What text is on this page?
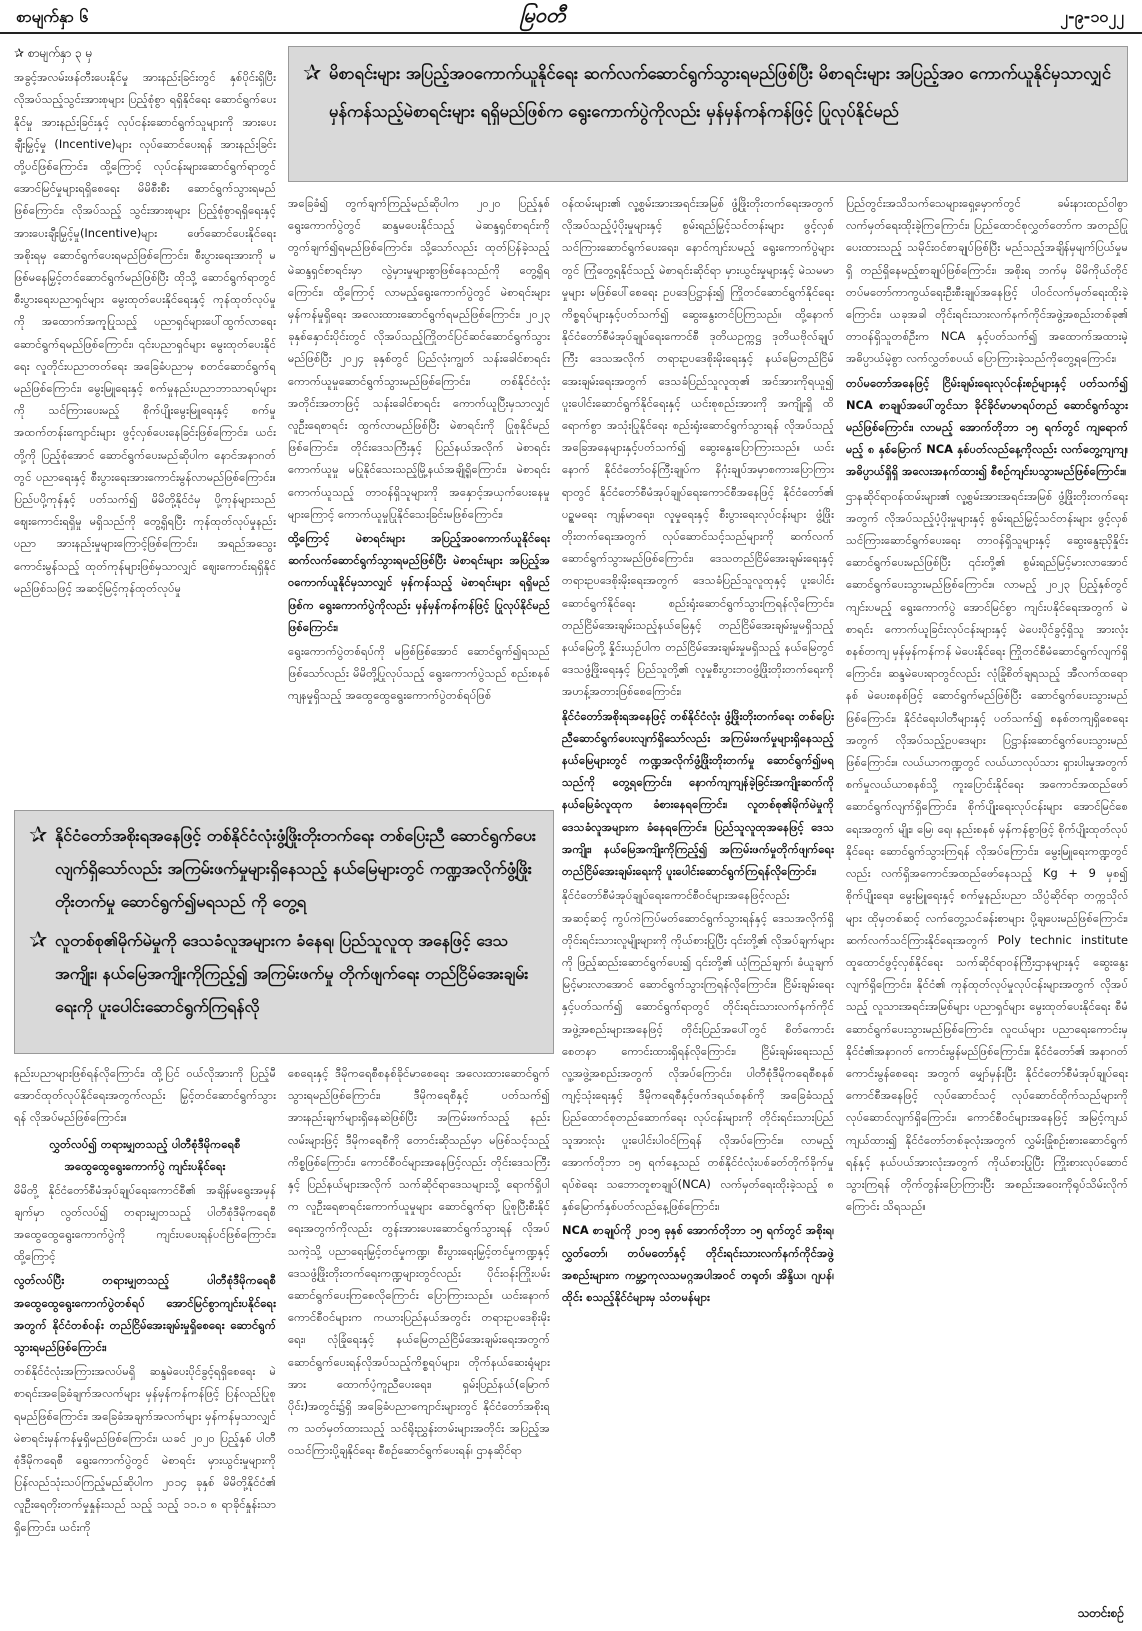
စာမျက်နှာ ၆	မြဝတီ	၂-၉-၁၀၂၂

✰ စာမျက်နှာ ၃ မှ

အခွင့်အလမ်းဖန်တီးပေးနိုင်မှု အားနည်းခြင်းတွင် နှစ်ပိုင်းရှိပြီး လိုအပ်သည့်သွင်းအားစုများ ပြည့်စုံစွာ ရရှိနိုင်ရေး ဆောင်ရွက်ပေးနိုင်မှု အားနည်းခြင်းနှင့် လုပ်ငန်းဆောင်ရွက်သူများကို အားပေးချီးမြှင့်မှု (Incentive)များ လုပ်ဆောင်ပေးရန် အားနည်းခြင်း တို့ပင်ဖြစ်ကြောင်း၊ ထို့ကြောင့် လုပ်ငန်းများဆောင်ရွက်ရာတွင် အောင်မြင်မှုများရရှိစေရေး မိမိစီးစီး ဆောင်ရွက်သွားရမည်ဖြစ်ကြောင်း၊ လိုအပ်သည့် သွင်းအားစုများ ပြည့်စုံစွာရရှိရေးနှင့် အားပေးချီးမြှင့်မှု(Incentive)များ ဖော်ဆောင်ပေးနိုင်ရေး အစိုးရမှ ဆောင်ရွက်ပေးရမည်ဖြစ်ကြောင်း၊ စီးပွားရေးအားကို မဖြစ်မနေမြှင့်တင်ဆောင်ရွက်မည်ဖြစ်ပြီး ထိုသို့ ဆောင်ရွက်ရာတွင် စီးပွားရေးပညာရှင်များ မွေးထုတ်ပေးနိုင်ရေးနှင့် ကုန်ထုတ်လုပ်မှုကို အထောက်အကူပြုသည့် ပညာရှင်များပေါ်ထွက်လာရေး ဆောင်ရွက်ရမည်ဖြစ်ကြောင်း၊ ၎င်းပညာရှင်များ မွေးထုတ်ပေးနိုင်ရေး လူတိုင်းပညာတတ်ရေး အခြေခံပညာမှ စတင်ဆောင်ရွက်ရမည်ဖြစ်ကြောင်း၊ မွေးမြူရေးနှင့် စက်မှုနည်းပညာဘာသာရပ်များကို သင်ကြားပေးမည့် စိုက်ပျိုးမွေးမြူရေးနှင့် စက်မှုအထက်တန်းကျောင်းများ ဖွင့်လှစ်ပေးနေခြင်းဖြစ်ကြောင်း၊ ယင်းတို့ကို ပြည့်စုံအောင် ဆောင်ရွက်ပေးမည်ဆိုပါက နောင်အနာဂတ်တွင် ပညာရေးနှင့် စီးပွားရေးအားကောင်းမွန်လာမည်ဖြစ်ကြောင်း။ ပြည်ပပို့ကုန်နှင့် ပတ်သက်၍ မိမိတို့နိုင်ငံမှ ပို့ကုန်များသည် ဈေးကောင်းရရှိမှု မရှိသည်ကို တွေ့ရှိရပြီး ကုန်ထုတ်လုပ်မှုနည်းပညာ အားနည်းမှုများကြောင့်ဖြစ်ကြောင်း၊ အရည်အသွေးကောင်းမွန်သည့် ထုတ်ကုန်များဖြစ်မှသာလျှင် ဈေးကောင်းရရှိနိုင်မည်ဖြစ်သဖြင့် အဆင့်မြင့်ကုန်ထုတ်လုပ်မှု

✰ မိစာရင်းများ အပြည့်အဝကောက်ယူနိုင်ရေး ဆက်လက်ဆောင်ရွက်သွားရမည်ဖြစ်ပြီး မိစာရင်းများ အပြည့်အဝ ကောက်ယူနိုင်မှသာလျှင် မှန်ကန်သည့်မဲစာရင်းများ ရရှိမည်ဖြစ်က ရွေးကောက်ပွဲကိုလည်း မှန်မှန်ကန်ကန်ဖြင့် ပြုလုပ်နိုင်မည်

အခြေခံ၍ တွက်ချက်ကြည့်မည်ဆိုပါက ၂၀၂၀ ပြည့်နှစ် ရွေးကောက်ပွဲတွင် ဆန္ဒမပေးနိုင်သည့် မဲဆန္ဒရှင်စာရင်းကို တွက်ချက်၍ရမည်ဖြစ်ကြောင်း၊ သို့သော်လည်း ထုတ်ပြန်ခဲ့သည့် မဲဆန္ဒရှင်စာရင်းမှာ လွဲမှားမှုများစွာဖြစ်နေသည်ကို တွေ့ရှိရကြောင်း၊ ထို့ကြောင့် လာမည့်ရွေးကောက်ပွဲတွင် မဲစာရင်းများ မှန်ကန်မှုရှိရေး အလေးထားဆောင်ရွက်ရမည်ဖြစ်ကြောင်း၊ ၂၀၂၃ ခုနှစ်နှောင်းပိုင်းတွင် လိုအပ်သည့်ကြိုတင်ပြင်ဆင်ဆောင်ရွက်သွားမည်ဖြစ်ပြီး ၂၀၂၄ ခုနှစ်တွင် ပြည်လုံးကျွတ် သန်းခေါင်စာရင်းကောက်ယူမှုဆောင်ရွက်သွားမည်ဖြစ်ကြောင်း၊ တစ်နိုင်ငံလုံးအတိုင်းအတာဖြင့် သန်းခေါင်စာရင်း ကောက်ယူပြီးမှသာလျှင် လူဦးရေစာရင်း ထွက်လာမည်ဖြစ်ပြီး မဲစာရင်းကို ပြုစုနိုင်မည်ဖြစ်ကြောင်း၊ တိုင်းဒေသကြီးနှင့် ပြည်နယ်အလိုက် မဲစာရင်းကောက်ယူမှု မပြုနိုင်သေးသည့်မြို့နယ်အချို့ရှိကြောင်း၊ မဲစာရင်းကောက်ယူသည့် တာဝန်ရှိသူများကို အနှောင့်အယှက်ပေးနေမှုများကြောင့် ကောက်ယူမှုပြုနိုင်သေးခြင်းမဖြစ်ကြောင်း၊

ထို့ကြောင့် မဲစာရင်းများ အပြည့်အဝကောက်ယူနိုင်ရေး ဆက်လက်ဆောင်ရွက်သွားရမည်ဖြစ်ပြီး မဲစာရင်းများ အပြည့်အဝကောက်ယူနိုင်မှသာလျှင် မှန်ကန်သည့် မဲစာရင်းများ ရရှိမည်ဖြစ်က ရွေးကောက်ပွဲကိုလည်း မှန်မှန်ကန်ကန်ဖြင့် ပြုလုပ်နိုင်မည်ဖြစ်ကြောင်း၊

ရွေးကောက်ပွဲတစ်ရပ်ကို မဖြစ်ဖြစ်အောင် ဆောင်ရွက်၍ရသည်ဖြစ်သော်လည်း မိမိတို့ပြုလုပ်သည့် ရွေးကောက်ပွဲသည် စည်းစနစ်ကျနမှုရှိသည့် အထွေထွေရွေးကောက်ပွဲတစ်ရပ်ဖြစ်

✰ နိုင်ငံတော်အစိုးရအနေဖြင့် တစ်နိုင်ငံလုံးဖွံ့ဖြိုးတိုးတက်ရေး တစ်ပြေးညီ ဆောင်ရွက်ပေးလျက်ရှိသော်လည်း အကြမ်းဖက်မှုများရှိနေသည့် နယ်မြေများတွင် ကဏ္ဍအလိုက်ဖွံ့ဖြိုးတိုးတက်မှု ဆောင်ရွက်၍မရသည် ကို တွေ့ရ
✰ လူတစ်စု၏မိုက်မဲမှုကို ဒေသခံလူအများက ခံနေရ၊ ပြည်သူလူထု အနေဖြင့် ဒေသအကျိုး၊ နယ်မြေအကျိုးကိုကြည့်၍ အကြမ်းဖက်မှု တိုက်ဖျက်ရေး တည်ငြိမ်အေးချမ်းရေးကို ပူးပေါင်းဆောင်ရွက်ကြရန်လို

နည်းပညာများဖြစ်ရန်လိုကြောင်း၊ ထို့ပြင် ဝယ်လိုအားကို ပြည့်မီအောင်ထုတ်လုပ်နိုင်ရေးအတွက်လည်း မြှင့်တင်ဆောင်ရွက်သွားရန် လိုအပ်မည်ဖြစ်ကြောင်း။

လွှတ်လပ်၍ တရားမျှတသည့် ပါတီစုံဒီမိုကရေစီ အထွေထွေရွေးကောက်ပွဲ ကျင်းပနိုင်ရေး

မိမိတို့ နိုင်ငံတော်စီမံအုပ်ချုပ်ရေးကောင်စီ၏ အချိန်မရွေးအမှန်ချက်မှာ လွတ်လပ်၍ တရားမျှတသည့် ပါတီစုံဒီမိုကရေစီ အထွေထွေရွေးကောက်ပွဲကို ကျင်းပပေးရန်ပင်ဖြစ်ကြောင်း၊ ထို့ကြောင့်

လွတ်လပ်ပြီး တရားမျှတသည့် ပါတီစုံဒီမိုကရေစီ အထွေထွေရွေးကောက်ပွဲတစ်ရပ် အောင်မြင်စွာကျင်းပနိုင်ရေးအတွက် နိုင်ငံတစ်ဝန်း တည်ငြိမ်အေးချမ်းမှုရှိစေရေး ဆောင်ရွက်သွားရမည်ဖြစ်ကြောင်း၊

တစ်နိုင်ငံလုံးအကြားအလပ်မရှိ ဆန္ဒမဲပေးပိုင်ခွင့်ရရှိစေရေး မဲစာရင်းအခြေခံချက်အလက်များ မှန်မှန်ကန်ကန်ဖြင့် ပြန်လည်ပြုစုရမည်ဖြစ်ကြောင်း၊ အခြေခံအချက်အလက်များ မှန်ကန်မှသာလျှင် မဲစာရင်းမှန်ကန်မှုရှိမည်ဖြစ်ကြောင်း၊ ယခင် ၂၀၂၀ ပြည့်နှစ် ပါတီစုံဒီမိုကရေစီ ရွေးကောက်ပွဲတွင် မဲစာရင်း မှားယွင်းမှုများကိုပြန်လည်သုံးသပ်ကြည့်မည်ဆိုပါက ၂၀၁၄ ခုနှစ် မိမိတို့နိုင်ငံ၏ လူဦးရေတိုးတက်မှုနှုန်းသည် သည့် သည့် ၁၁.၁ ၈ ရာခိုင်နှုန်းသာရှိကြောင်း၊ ယင်းကို

စေရေးနှင့် ဒီမိုကရေစီစနစ်ခိုင်မာစေရေး အလေးထားဆောင်ရွက်သွားရမည်ဖြစ်ကြောင်း၊ ဒီမိုကရေစီနှင့် ပတ်သက်၍ အားနည်းချက်များရှိနေဆဲဖြစ်ပြီး အကြမ်းဖက်သည့် နည်းလမ်းများဖြင့် ဒီမိုကရေစီကို တောင်းဆိုသည်မှာ မဖြစ်သင့်သည့်ကိစ္စဖြစ်ကြောင်း၊ ကောင်စီဝင်များအနေဖြင့်လည်း တိုင်းဒေသကြီးနှင့် ပြည်နယ်များအလိုက် သက်ဆိုင်ရာဒေသများသို့ ရောက်ရှိပါက လူဦးရေစာရင်းကောက်ယူမှုများ ဆောင်ရွက်ရာ ပြုစုပြီးစီးနိုင်ရေးအတွက်ကိုလည်း တွန်းအားပေးဆောင်ရွက်သွားရန် လိုအပ်သကဲ့သို့ ပညာရေးမြှင့်တင်မှုကဏ္ဍ၊ စီးပွားရေးမြှင့်တင်မှုကဏ္ဍနှင့် ဒေသဖွံ့ဖြိုးတိုးတက်ရေးကဏ္ဍများတွင်လည်း ပိုင်းဝန်းကြိုးပမ်း ဆောင်ရွက်ပေးကြစေလိုကြောင်း ပြောကြားသည်။ ယင်းနောက်ကောင်စီဝင်များက ကယားပြည်နယ်အတွင်း တရားဥပဒေစိုးမိုးရေး၊ လုံခြုံရေးနှင့် နယ်မြေတည်ငြိမ်အေးချမ်းရေးအတွက် ဆောင်ရွက်ပေးရန်လိုအပ်သည့်ကိစ္စရပ်များ၊ တိုက်နယ်ဆေးရုံများ အား ထောက်ပံ့ကူညီပေးရေး၊ ရှမ်းပြည်နယ်(မြောက်ပိုင်း)အတွင်း၌ရှိ အခြေခံပညာကျောင်းများတွင် နိုင်ငံတော်အစိုးရက သတ်မှတ်ထားသည့် သင်ရိုးညွှန်းတမ်းများအတိုင်း အပြည့်အဝသင်ကြားပို့ချနိုင်ရေး စီစဉ်ဆောင်ရွက်ပေးရန်၊ ဌာနဆိုင်ရာ

ဝန်ထမ်းများ၏ လူ့စွမ်းအားအရင်းအမြစ် ဖွံ့ဖြိုးတိုးတက်ရေးအတွက် လိုအပ်သည့်ပံ့ပိုးမှုများနှင့် စွမ်းရည်မြှင့်သင်တန်းများ ဖွင့်လှစ်သင်ကြားဆောင်ရွက်ပေးရေး၊ နောင်ကျင်းပမည့် ရွေးကောက်ပွဲများတွင် ကြုံတွေ့ရနိုင်သည့် မဲစာရင်းဆိုင်ရာ မှားယွင်းမှုများနှင့် မဲသမမာမှုများ မဖြစ်ပေါ်စေရေး ဥပဒေပြဋ္ဌာန်း၍ ကြိုတင်ဆောင်ရွက်နိုင်ရေး ကိစ္စရပ်များနှင့်ပတ်သက်၍ ဆွေးနွေးတင်ပြကြသည်။ ထို့နောက် နိုင်ငံတော်စီမံအုပ်ချုပ်ရေးကောင်စီ ဒုတိယဥက္ကဋ္ဌ ဒုတိယဗိုလ်ချုပ်ကြီး ဒေသအလိုက် တရားဥပဒေစိုးမိုးရေးနှင့် နယ်မြေတည်ငြိမ်အေးချမ်းရေးအတွက် ဒေသခံပြည်သူလူထု၏ အင်အားကိုရယူ၍ ပူးပေါင်းဆောင်ရွက်နိုင်ရေးနှင့် ယင်းစုစည်းအားကို အကျိုးရှိ ထိရောက်စွာ အသုံးပြုနိုင်ရေး စည်းရုံးဆောင်ရွက်သွားရန် လိုအပ်သည့် အခြေအနေများနှင့်ပတ်သက်၍ ဆွေးနွေးပြောကြားသည်။ ယင်းနောက် နိုင်ငံတော်ဝန်ကြီးချုပ်က နိဂုံးချုပ်အမှာစကားပြောကြားရာတွင် နိုင်ငံတော်စီမံအုပ်ချုပ်ရေးကောင်စီအနေဖြင့် နိုင်ငံတော်၏ ပဉ္စမရေး ကျန်မာရေး၊ လူမှုရေးနှင့် စီးပွားရေးလုပ်ငန်းများ ဖွံ့ဖြိုးတိုးတက်ရေးအတွက် လုပ်ဆောင်သင့်သည်များကို ဆက်လက်ဆောင်ရွက်သွားမည်ဖြစ်ကြောင်း၊ ဒေသတည်ငြိမ်အေးချမ်းရေးနှင့် တရားဥပဒေစိုးမိုးရေးအတွက် ဒေသခံပြည်သူလူထုနှင့် ပူးပေါင်းဆောင်ရွက်နိုင်ရေး စည်းရုံးဆောင်ရွက်သွားကြရန်လိုကြောင်း၊ တည်ငြိမ်အေးချမ်းသည့်နယ်မြေနှင့် တည်ငြိမ်အေးချမ်းမှုမရှိသည့်နယ်မြေတို့ နှိုင်းယှဉ်ပါက တည်ငြိမ်အေးချမ်းမှုမရှိသည့် နယ်မြေတွင် ဒေသဖွံ့ဖြိုးရေးနှင့် ပြည်သူတို့၏ လူမှုစီးပွားဘဝဖွံ့ဖြိုးတိုးတက်ရေးကို အဟန့်အတားဖြစ်စေကြောင်း၊

နိုင်ငံတော်အစိုးရအနေဖြင့် တစ်နိုင်ငံလုံး ဖွံ့ဖြိုးတိုးတက်ရေး တစ်ပြေးညီဆောင်ရွက်ပေးလျက်ရှိသော်လည်း အကြမ်းဖက်မှုများရှိနေသည့် နယ်မြေများတွင် ကဏ္ဍအလိုက်ဖွံ့ဖြိုးတိုးတက်မှု ဆောင်ရွက်၍မရသည်ကို တွေ့ရကြောင်း၊ နောက်ကျကျန်ခဲ့ခြင်းအကျိုးဆက်ကို နယ်မြေခံလူထုက ခံစားနေရကြောင်း၊ လူတစ်စု၏မိုက်မဲမှုကို ဒေသခံလူအများက ခံနေရကြောင်း၊ ပြည်သူလူထုအနေဖြင့် ဒေသအကျိုး၊ နယ်မြေအကျိုးကိုကြည့်၍ အကြမ်းဖက်မှုတိုက်ဖျက်ရေး တည်ငြိမ်အေးချမ်းရေးကို ပူးပေါင်းဆောင်ရွက်ကြရန်လိုကြောင်း၊

နိုင်ငံတော်စီမံအုပ်ချုပ်ရေးကောင်စီဝင်များအနေဖြင့်လည်း အဆင့်ဆင့် ကွပ်ကဲကြပ်မတ်ဆောင်ရွက်သွားရန်နှင့် ဒေသအလိုက်ရှိ တိုင်းရင်းသားလူမျိုးများကို ကိုယ်စားပြုပြီး ၎င်းတို့၏ လိုအပ်ချက်များကို ဖြည့်ဆည်းဆောင်ရွက်ပေး၍ ၎င်းတို့၏ ယုံကြည်ချက်၊ ခံယူချက်မြင့်မားလာအောင် ဆောင်ရွက်သွားကြရန်လိုကြောင်း။ ငြိမ်းချမ်းရေးနှင့်ပတ်သက်၍ ဆောင်ရွက်ရာတွင် တိုင်းရင်းသားလက်နက်ကိုင် အဖွဲ့အစည်းများအနေဖြင့် တိုင်းပြည်အပေါ်တွင် စိတ်ကောင်းစေတနာ ကောင်းထားရှိရန်လိုကြောင်း၊ ငြိမ်းချမ်းရေးသည် လူ့အဖွဲ့အစည်းအတွက် လိုအပ်ကြောင်း၊ ပါတီစုံဒီမိုကရေစီစနစ်ကျင့်သုံးရေးနှင့် ဒီမိုကရေစီနှင့်ဖက်ဒရယ်စနစ်ကို အခြေခံသည့် ပြည်ထောင်စုတည်ဆောက်ရေး လုပ်ငန်းများကို တိုင်းရင်းသားပြည်သူအားလုံး ပူးပေါင်းပါဝင်ကြရန် လိုအပ်ကြောင်း။ လာမည့် အောက်တိုဘာ ၁၅ ရက်နေ့သည် တစ်နိုင်ငံလုံးပစ်ခတ်တိုက်ခိုက်မှုရပ်စဲရေး သဘောတူစာချုပ်(NCA) လက်မှတ်ရေးထိုးခဲ့သည့် ၈ နှစ်မြောက်နှစ်ပတ်လည်နေ့ဖြစ်ကြောင်း၊

NCA စာချုပ်ကို ၂၀၁၅ ခုနှစ် အောက်တိုဘာ ၁၅ ရက်တွင် အစိုးရ၊ လွှတ်တော်၊ တပ်မတော်နှင့် တိုင်းရင်းသားလက်နက်ကိုင်အဖွဲ့ အစည်းများက ကမ္ဘာ့ကုလသမဂ္ဂအပါအဝင် တရုတ်၊ အိန္ဒိယ၊ ဂျပန်၊ ထိုင်း စသည့်နိုင်ငံများမှ သံတမန်များ

ပြည်တွင်းအသိသက်သေများရှေ့မှောက်တွင် ခမ်းနားထည်ဝါစွာ လက်မှတ်ရေးထိုးခဲ့ကြကြောင်း၊ ပြည်ထောင်စုလွှတ်တော်က အတည်ပြုပေးထားသည့် သမိုင်းဝင်စာချုပ်ဖြစ်ပြီး မည်သည့်အချိန်မှမျက်ပြယ်မှုမရှိ တည်ရှိနေမည့်စာချုပ်ဖြစ်ကြောင်း၊ အစိုးရ ဘက်မှ မိမိကိုယ်တိုင် တပ်မတော်ကာကွယ်ရေးဦးစီးချုပ်အနေဖြင့် ပါဝင်လက်မှတ်ရေးထိုးခဲ့ကြောင်း၊ ယခုအခါ တိုင်းရင်းသားလက်နက်ကိုင်အဖွဲ့အစည်းတစ်ခု၏ တာဝန်ရှိသူတစ်ဦးက NCA နှင့်ပတ်သက်၍ အထောက်အထားမဲ့အဓိပ္ပာယ်မဲ့စွာ လက်လွှတ်စပယ် ပြောကြားခဲ့သည်ကိုတွေ့ရကြောင်း၊

တပ်မတော်အနေဖြင့် ငြိမ်းချမ်းရေးလုပ်ငန်းစဉ်များနှင့် ပတ်သက်၍ NCA စာချုပ်အပေါ်တွင်သာ ခိုင်ခိုင်မာမာရပ်တည် ဆောင်ရွက်သွားမည်ဖြစ်ကြောင်း၊ လာမည့် အောက်တိုဘာ ၁၅ ရက်တွင် ကျရောက်မည့် ၈ နှစ်မြောက် NCA နှစ်ပတ်လည်နေ့ကိုလည်း လက်တွေ့ကျကျ၊ အဓိပ္ပာယ်ရှိရှိ အလေးအနက်ထား၍ စီစဉ်ကျင်းပသွားမည်ဖြစ်ကြောင်း။

ဌာနဆိုင်ရာဝန်ထမ်းများ၏ လူ့စွမ်းအားအရင်းအမြစ် ဖွံ့ဖြိုးတိုးတက်ရေးအတွက် လိုအပ်သည့်ပံ့ပိုးမှုများနှင့် စွမ်းရည်မြှင့်သင်တန်းများ ဖွင့်လှစ်သင်ကြားဆောင်ရွက်ပေးရေး တာဝန်ရှိသူများနှင့် ဆွေးနွေးညှိနှိုင်း ဆောင်ရွက်ပေးမည်ဖြစ်ပြီး ၎င်းတို့၏ စွမ်းရည်မြင့်မားလာအောင် ဆောင်ရွက်ပေးသွားမည်ဖြစ်ကြောင်း။ လာမည့် ၂၀၂၃ ပြည့်နှစ်တွင် ကျင်းပမည့် ရွေးကောက်ပွဲ အောင်မြင်စွာ ကျင်းပနိုင်ရေးအတွက် မဲစာရင်း ကောက်ယူခြင်းလုပ်ငန်းများနှင့် မဲပေးပိုင်ခွင့်ရှိသူ အားလုံး စနစ်တကျ မှန်မှန်ကန်ကန် မဲပေးနိုင်ရေး ကြိုတင်စီမံဆောင်ရွက်လျက်ရှိကြောင်း၊ ဆန္ဒမဲပေးရာတွင်လည်း လုံခြုံစိတ်ချရသည့် အီလက်ထရောနစ် မဲပေးစနစ်ဖြင့် ဆောင်ရွက်မည်ဖြစ်ပြီး ဆောင်ရွက်ပေးသွားမည်ဖြစ်ကြောင်း၊ နိုင်ငံရေးပါတီများနှင့် ပတ်သက်၍ စနစ်တကျရှိစေရေးအတွက် လိုအပ်သည့်ဥပဒေများ ပြဋ္ဌာန်းဆောင်ရွက်ပေးသွားမည် ဖြစ်ကြောင်း။ လယ်ယာကဏ္ဍတွင် လယ်ယာလုပ်သား ရှားပါးမှုအတွက် စက်မှုလယ်ယာစနစ်သို့ ကူးပြောင်းနိုင်ရေး အကောင်အထည်ဖော် ဆောင်ရွက်လျက်ရှိကြောင်း၊ စိုက်ပျိုးရေးလုပ်ငန်းများ အောင်မြင်စေရေးအတွက် မျိုး၊ မြေ၊ ရေ၊ နည်းစနစ် မှန်ကန်စွာဖြင့် စိုက်ပျိုးထုတ်လုပ်နိုင်ရေး ဆောင်ရွက်သွားကြရန် လိုအပ်ကြောင်း၊ မွေးမြူရေးကဏ္ဍတွင်လည်း လက်ရှိအကောင်အထည်ဖော်နေသည့် Kg + 9 မှစ၍ စိုက်ပျိုးရေး၊ မွေးမြူရေးနှင့် စက်မှုနည်းပညာ သိပ္ပံဆိုင်ရာ တက္ကသိုလ်များ ထိုမှတစ်ဆင့် လက်တွေ့သင်ခန်းစာများ ပို့ချပေးမည်ဖြစ်ကြောင်း၊ ဆက်လက်သင်ကြားနိုင်ရေးအတွက် Poly technic institute ထူထောင်ဖွင့်လှစ်နိုင်ရေး သက်ဆိုင်ရာဝန်ကြီးဌာနများနှင့် ဆွေးနွေးလျက်ရှိကြောင်း၊ နိုင်ငံ၏ ကုန်ထုတ်လုပ်မှုလုပ်ငန်းများအတွက် လိုအပ်သည့် လူသားအရင်းအမြစ်များ ပညာရှင်များ မွေးထုတ်ပေးနိုင်ရေး စီမံဆောင်ရွက်ပေးသွားမည်ဖြစ်ကြောင်း၊ လူငယ်များ ပညာရေးကောင်းမှ နိုင်ငံ၏အနာဂတ် ကောင်းမွန်မည်ဖြစ်ကြောင်း။ နိုင်ငံတော်၏ အနာဂတ်ကောင်းမွန်စေရေး အတွက် မျှော်မှန်းပြီး နိုင်ငံတော်စီမံအုပ်ချုပ်ရေးကောင်စီအနေဖြင့် လုပ်ဆောင်သင့် လုပ်ဆောင်ထိုက်သည်များကို လုပ်ဆောင်လျက်ရှိကြောင်း၊ ကောင်စီဝင်များအနေဖြင့် အမြင့်ကျယ်ကျယ်ထား၍ နိုင်ငံတော်တစ်ခုလုံးအတွက် လွှမ်းခြုံစဉ်းစားဆောင်ရွက်ရန်နှင့် နယ်ပယ်အားလုံးအတွက် ကိုယ်စားပြုပြီး ကြိုးစားလုပ်ဆောင်သွားကြရန် တိုက်တွန်းပြောကြားပြီး အစည်းအဝေးကိုရုပ်သိမ်းလိုက်ကြောင်း သိရသည်။

သတင်းစဉ်
